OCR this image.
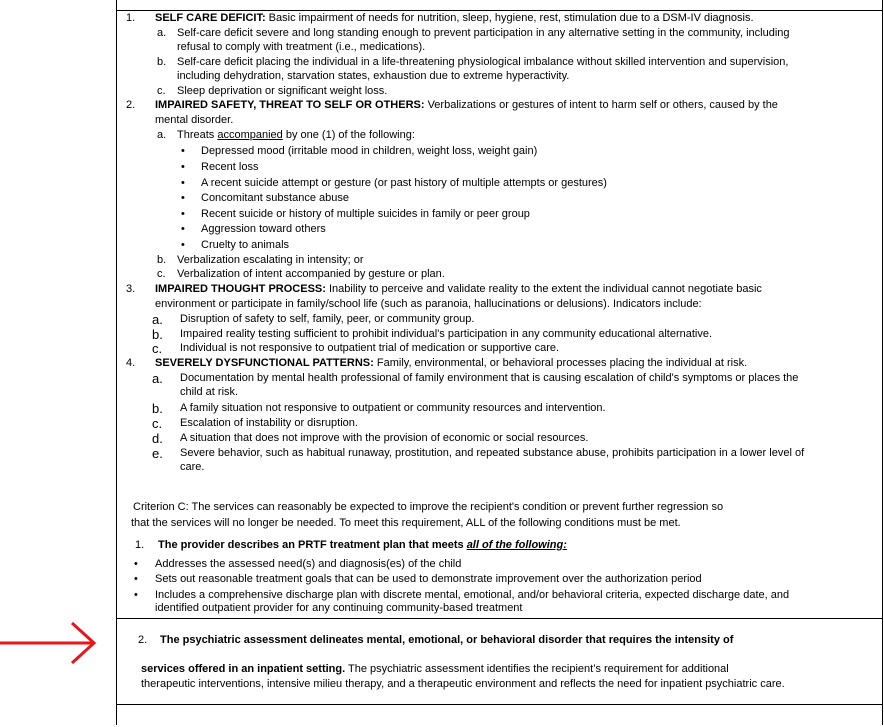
1. SELF CARE DEFICIT: Basic impairment of needs for nutrition, sleep, hygiene, rest, stimulation due to a DSM-IV diagnosis.
a. Self-care deficit severe and long standing enough to prevent participation in any alternative setting in the community, including
refusal to comply with treatment (i.e., medications).
b. Self-care deficit placing the individual in a life-threatening physiological imbalance without skilled intervention and supervision,
including dehydration, starvation states, exhaustion due to extreme hyperactivity.
c. Sleep deprivation or significant weight loss.
2. IMPAIRED SAFETY, THREAT TO SELF OR OTHERS: Verbalizations or gestures of intent to harm self or others, caused by the
mental disorder.
a. Threats accompanied by one (1) of the following:
• Depressed mood (irritable mood in children, weight loss, weight gain)
• Recent loss
• A recent suicide attempt or gesture (or past history of multiple attempts or gestures)
• Concomitant substance abuse
• Recent suicide or history of multiple suicides in family or peer group
• Aggression toward others
• Cruelty to animals
b. Verbalization escalating in intensity; or
c. Verbalization of intent accompanied by gesture or plan.
3. IMPAIRED THOUGHT PROCESS: Inability to perceive and validate reality to the extent the individual cannot negotiate basic
environment or participate in family/school life (such as paranoia, hallucinations or delusions). Indicators include:
a. Disruption of safety to self, family, peer, or community group.
b. Impaired reality testing sufficient to prohibit individual's participation in any community educational alternative.
c. Individual is not responsive to outpatient trial of medication or supportive care.
4. SEVERELY DYSFUNCTIONAL PATTERNS: Family, environmental, or behavioral processes placing the individual at risk.
a. Documentation by mental health professional of family environment that is causing escalation of child's symptoms or places the
child at risk.
b. A family situation not responsive to outpatient or community resources and intervention.
c. Escalation of instability or disruption.
d. A situation that does not improve with the provision of economic or social resources.
e. Severe behavior, such as habitual runaway, prostitution, and repeated substance abuse, prohibits participation in a lower level of
care.
Criterion C: The services can reasonably be expected to improve the recipient's condition or prevent further regression so
that the services will no longer be needed. To meet this requirement, ALL of the following conditions must be met.
1. The provider describes an PRTF treatment plan that meets all of the following:
• Addresses the assessed need(s) and diagnosis(es) of the child
• Sets out reasonable treatment goals that can be used to demonstrate improvement over the authorization period
• Includes a comprehensive discharge plan with discrete mental, emotional, and/or behavioral criteria, expected discharge date, and
identified outpatient provider for any continuing community-based treatment
2. The psychiatric assessment delineates mental, emotional, or behavioral disorder that requires the intensity of
services offered in an inpatient setting. The psychiatric assessment identifies the recipient’s requirement for additional
therapeutic interventions, intensive milieu therapy, and a therapeutic environment and reflects the need for inpatient psychiatric care.
